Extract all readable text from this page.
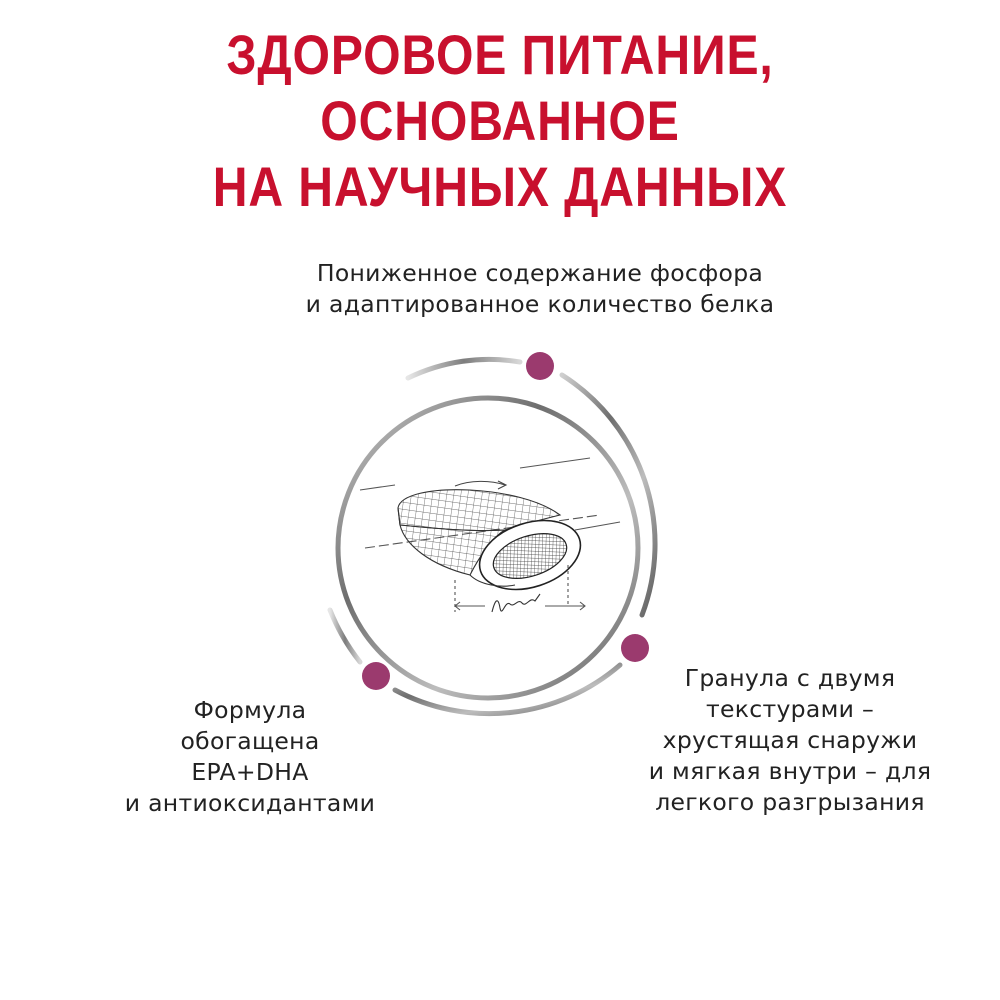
ЗДОРОВОЕ ПИТАНИЕ, ОСНОВАННОЕ
НА НАУЧНЫХ ДАННЫХ
Пониженное содержание фосфора
и адаптированное количество белка
Формула
обогащена
EPA+DHA
и антиоксидантами
Гранула с двумя
текстурами –
хрустящая снаружи
и мягкая внутри – для
легкого разгрызания
